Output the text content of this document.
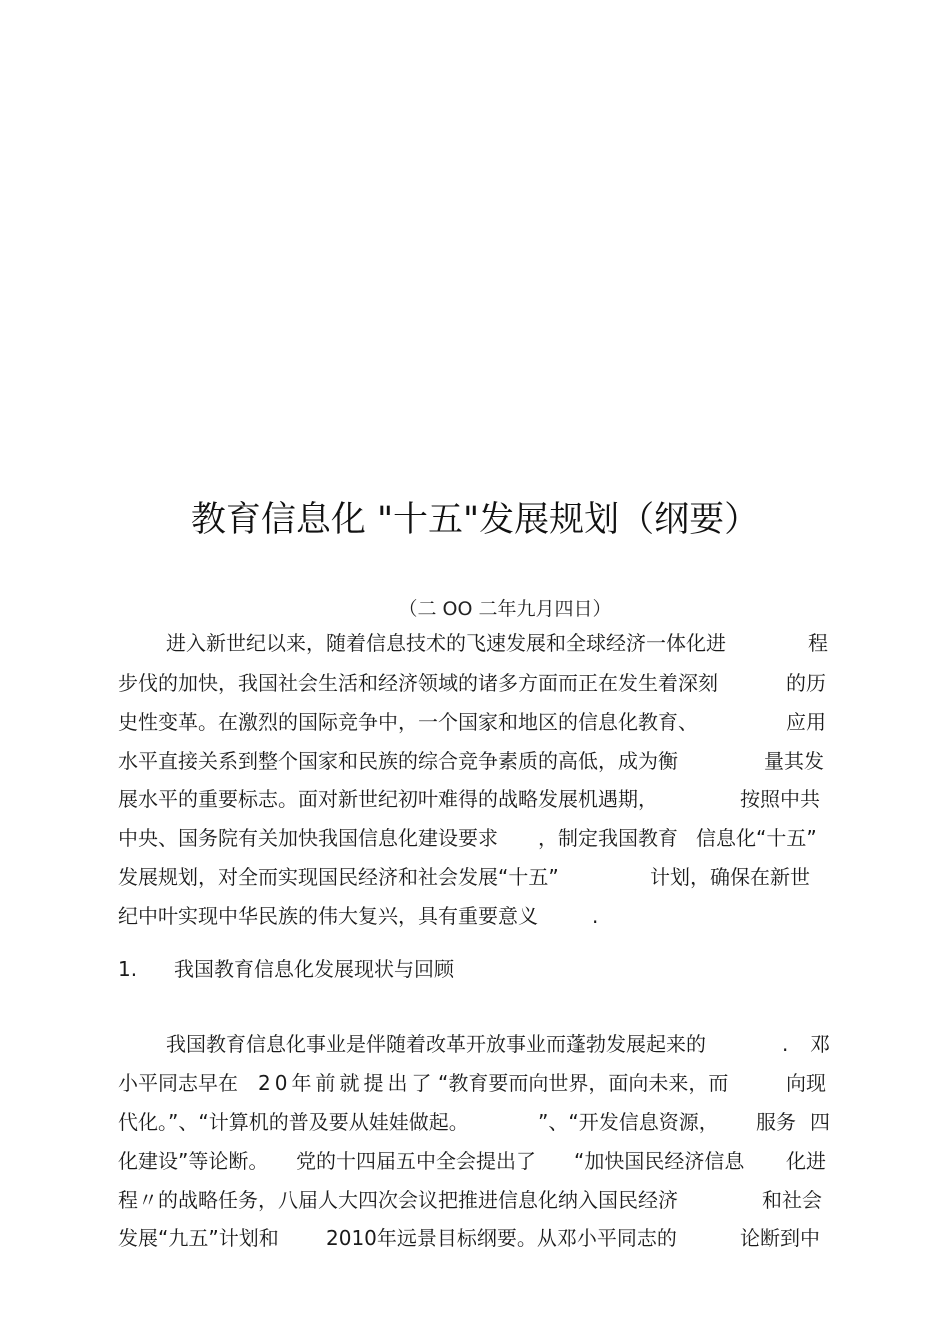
教育信息化 "十五"发展规划（纲要）
（二 OO 二年九月四日）
进入新世纪以来，随着信息技术的飞速发展和全球经济一体化进	程
步伐的加快，我国社会生活和经济领域的诸多方面而正在发生着深刻	的历
史性变革。在激烈的国际竞争中，一个国家和地区的信息化教育、	应用
水平直接关系到整个国家和民族的综合竞争素质的高低，成为衡	量其发
展水平的重要标志。面对新世纪初叶难得的战略发展机遇期，	按照中共
中央、国务院有关加快我国信息化建设要求 ，制定我国教育 信息化“十五”
发展规划，对全而实现国民经济和社会发展“十五”	计划，确保在新世
纪中叶实现中华民族的伟大复兴，具有重要意义	.
1. 我国教育信息化发展现状与回顾
我国教育信息化事业是伴随着改革开放事业而蓬勃发展起来的	. 邓
小平同志早在 20年前就提出了 “教育要而向世界，面向未来，而	向现
代化。”、“计算机的普及要从娃娃做起。	”、“开发信息资源， 服务 四
化建设”等论断。 党的十四届五中全会提出了 “加快国民经济信息 化进
程〃的战略任务，八届人大四次会议把推进信息化纳入国民经济	和社会
发展“九五”计划和 2010年远景目标纲要。从邓小平同志的	论断到中
